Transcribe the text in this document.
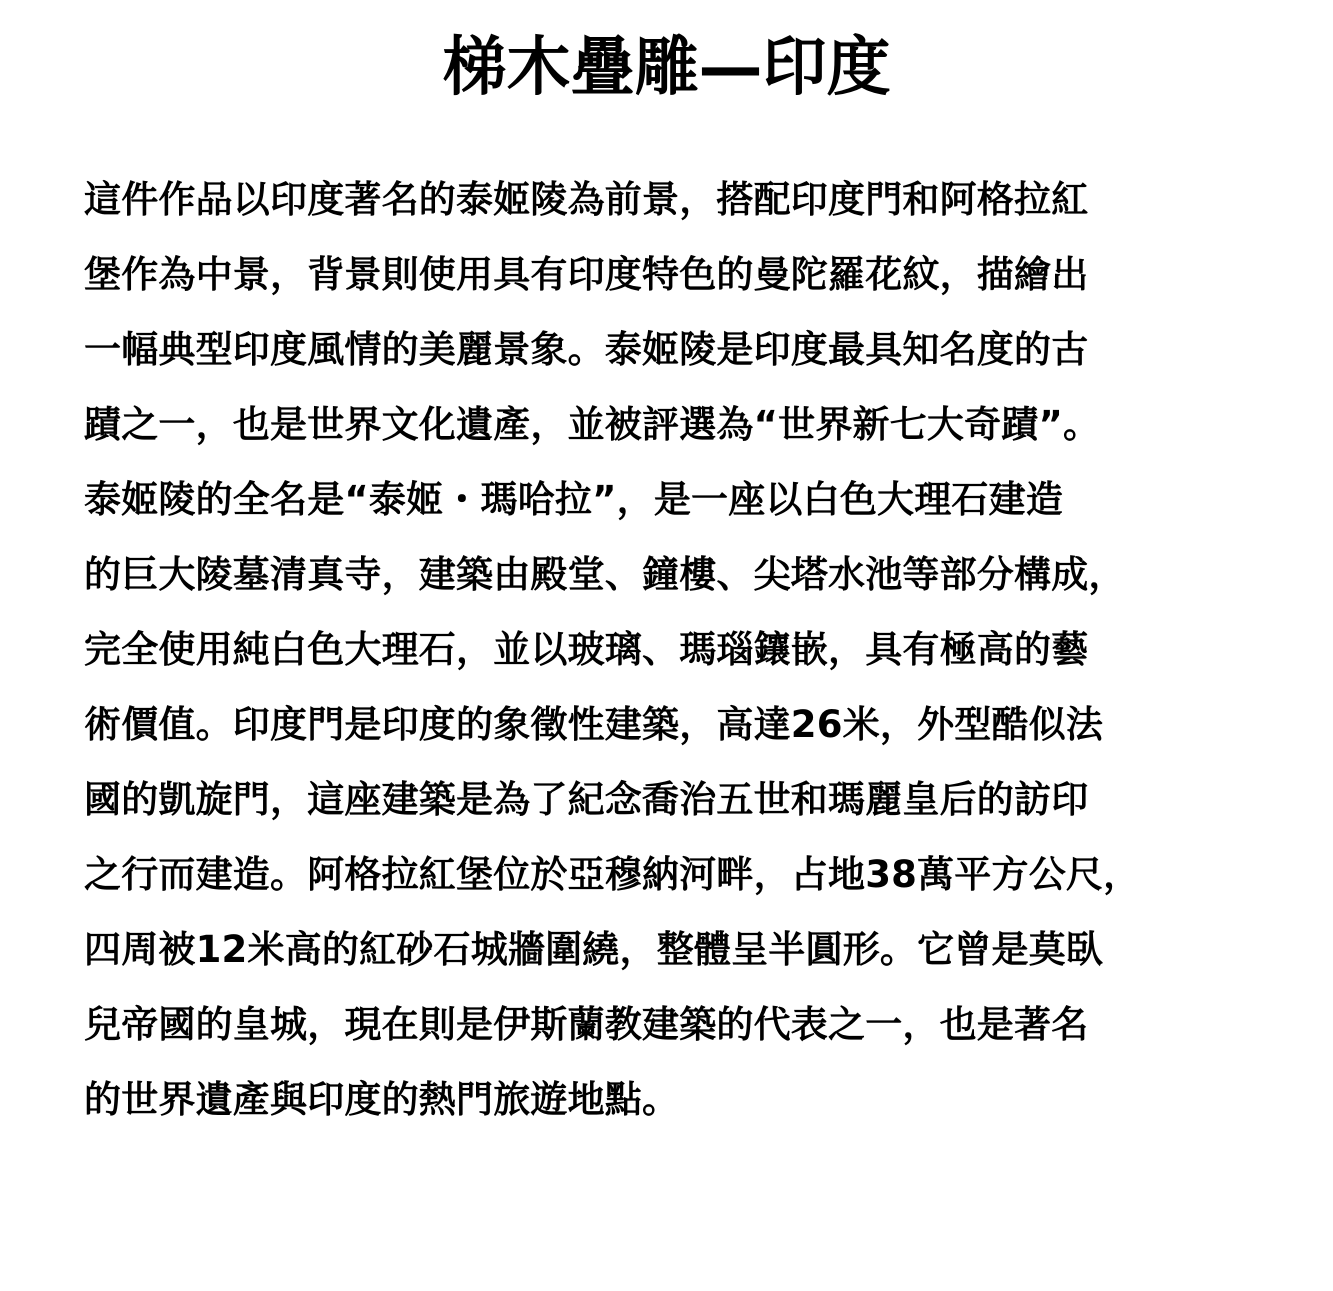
梯木疊雕—印度
這件作品以印度著名的泰姬陵為前景，搭配印度門和阿格拉紅
堡作為中景，背景則使用具有印度特色的曼陀羅花紋，描繪出
一幅典型印度風情的美麗景象。泰姬陵是印度最具知名度的古
蹟之一，也是世界文化遺產，並被評選為“世界新七大奇蹟”。
泰姬陵的全名是“泰姬・瑪哈拉”，是一座以白色大理石建造
的巨大陵墓清真寺，建築由殿堂、鐘樓、尖塔水池等部分構成，
完全使用純白色大理石，並以玻璃、瑪瑙鑲嵌，具有極高的藝
術價值。印度門是印度的象徵性建築，高達26米，外型酷似法
國的凱旋門，這座建築是為了紀念喬治五世和瑪麗皇后的訪印
之行而建造。阿格拉紅堡位於亞穆納河畔，占地38萬平方公尺，
四周被12米高的紅砂石城牆圍繞，整體呈半圓形。它曾是莫臥
兒帝國的皇城，現在則是伊斯蘭教建築的代表之一，也是著名
的世界遺產與印度的熱門旅遊地點。
